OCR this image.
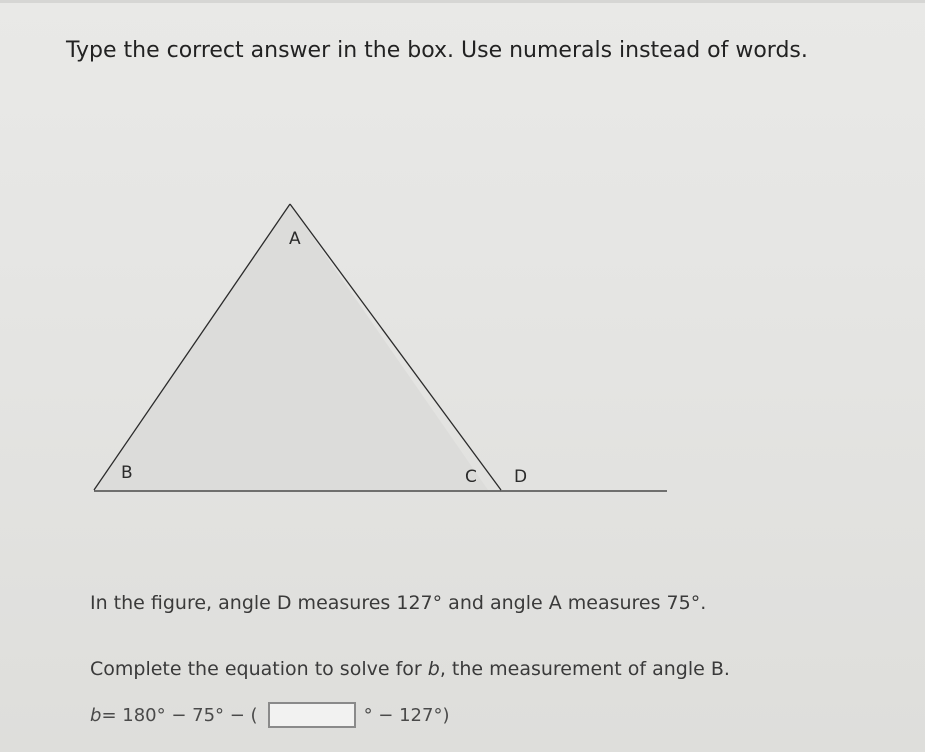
Type the correct answer in the box. Use numerals instead of words.
A
B	C D
In the figure, angle D measures 127° and angle A measures 75°.
Complete the equation to solve for b, the measurement of angle B.
b = 180° − 75° − (	° − 127°)
